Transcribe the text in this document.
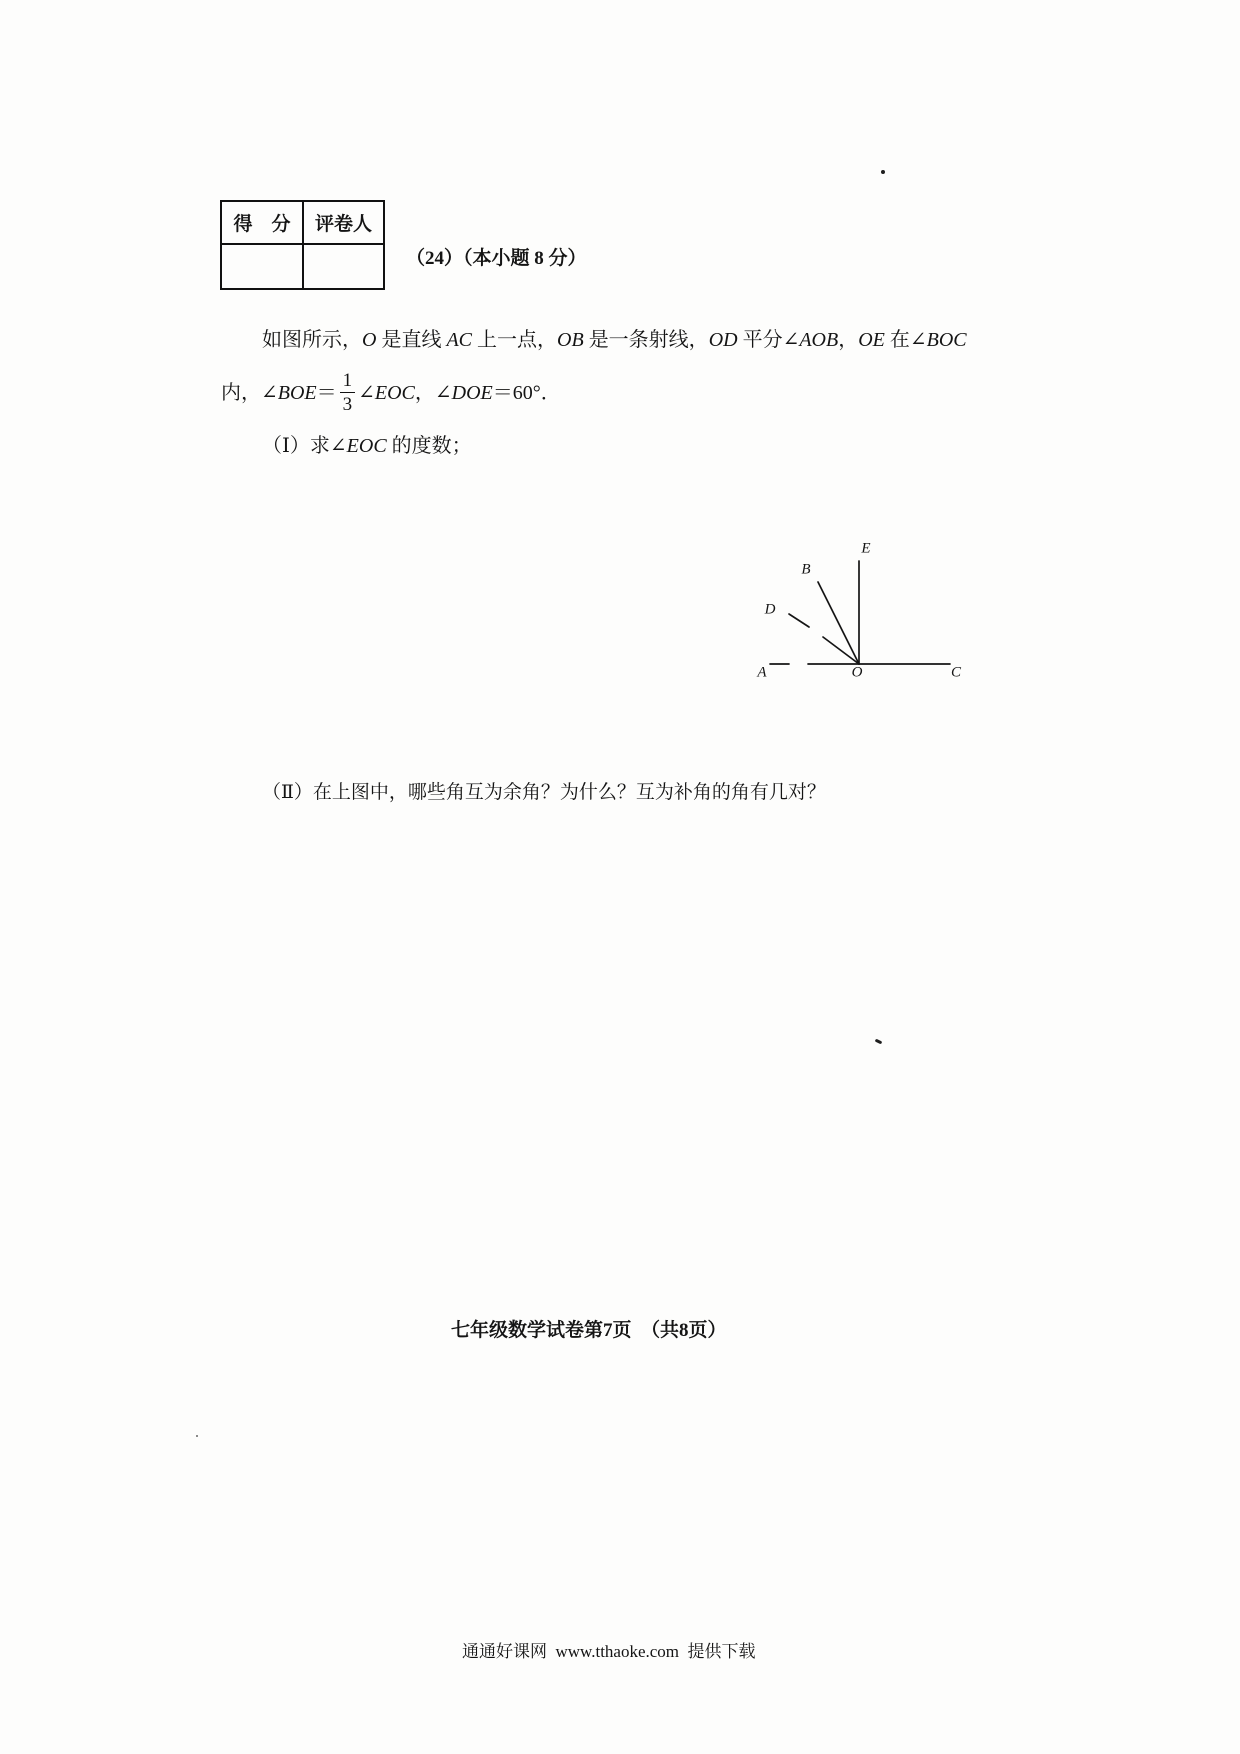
得　分	评卷人

（24）（本小题 8 分）
如图所示，O 是直线 AC 上一点，OB 是一条射线，OD 平分∠AOB，OE 在∠BOC
内， ∠BOE ＝ $\frac{1}{3}$ ∠EOC ， ∠DOE ＝60°．
（Ⅰ）求∠EOC 的度数；
E
B
D
A	O	C
（Ⅱ）在上图中，哪些角互为余角？为什么？互为补角的角有几对？
七年级数学试卷第7页　（共8页）
通通好课网  www.tthaoke.com  提供下载
